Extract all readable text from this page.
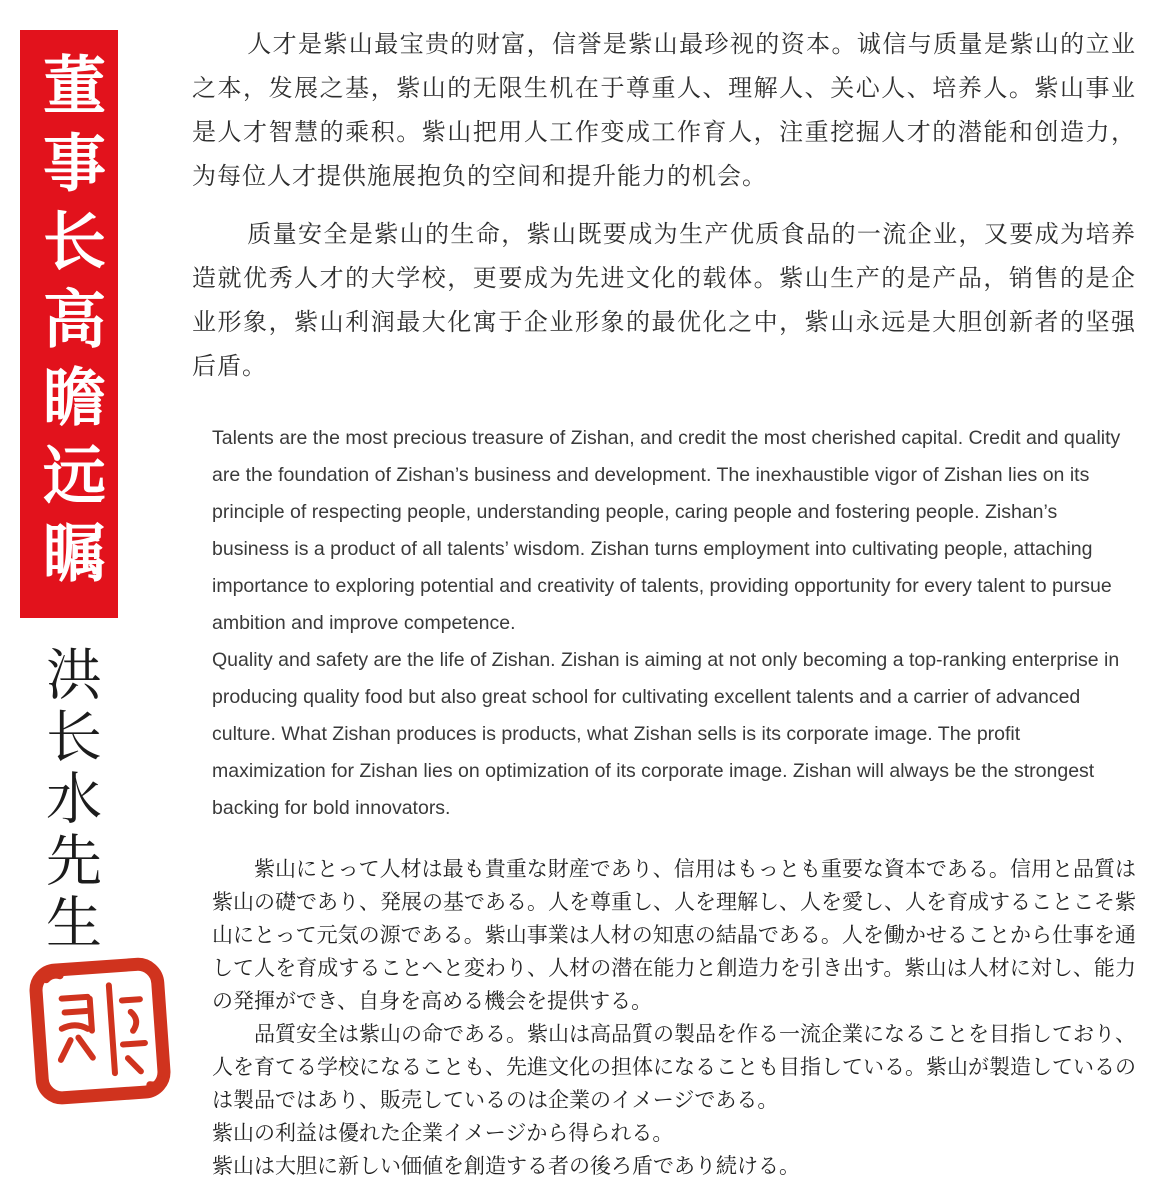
董事长高瞻远瞩
洪长水先生

人才是紫山最宝贵的财富，信誉是紫山最珍视的资本。诚信与质量是紫山的立业之本，发展之基，紫山的无限生机在于尊重人、理解人、关心人、培养人。紫山事业是人才智慧的乘积。紫山把用人工作变成工作育人，注重挖掘人才的潜能和创造力，为每位人才提供施展抱负的空间和提升能力的机会。

质量安全是紫山的生命，紫山既要成为生产优质食品的一流企业，又要成为培养造就优秀人才的大学校，更要成为先进文化的载体。紫山生产的是产品，销售的是企业形象，紫山利润最大化寓于企业形象的最优化之中，紫山永远是大胆创新者的坚强后盾。

Talents are the most precious treasure of Zishan, and credit the most cherished capital. Credit and quality are the foundation of Zishan’s business and development. The inexhaustible vigor of Zishan lies on its principle of respecting people, understanding people, caring people and fostering people. Zishan’s business is a product of all talents’ wisdom. Zishan turns employment into cultivating people, attaching importance to exploring potential and creativity of talents, providing opportunity for every talent to pursue ambition and improve competence.

Quality and safety are the life of Zishan. Zishan is aiming at not only becoming a top-ranking enterprise in producing quality food but also great school for cultivating excellent talents and a carrier of advanced culture. What Zishan produces is products, what Zishan sells is its corporate image. The profit maximization for Zishan lies on optimization of its corporate image. Zishan will always be the strongest backing for bold innovators.

紫山にとって人材は最も貴重な財産であり、信用はもっとも重要な資本である。信用と品質は紫山の礎であり、発展の基である。人を尊重し、人を理解し、人を愛し、人を育成することこそ紫山にとって元気の源である。紫山事業は人材の知恵の結晶である。人を働かせることから仕事を通して人を育成することへと変わり、人材の潜在能力と創造力を引き出す。紫山は人材に対し、能力の発揮ができ、自身を高める機会を提供する。

品質安全は紫山の命である。紫山は高品質の製品を作る一流企業になることを目指しており、人を育てる学校になることも、先進文化の担体になることも目指している。紫山が製造しているのは製品ではあり、販売しているのは企業のイメージである。

紫山の利益は優れた企業イメージから得られる。

紫山は大胆に新しい価値を創造する者の後ろ盾であり続ける。
